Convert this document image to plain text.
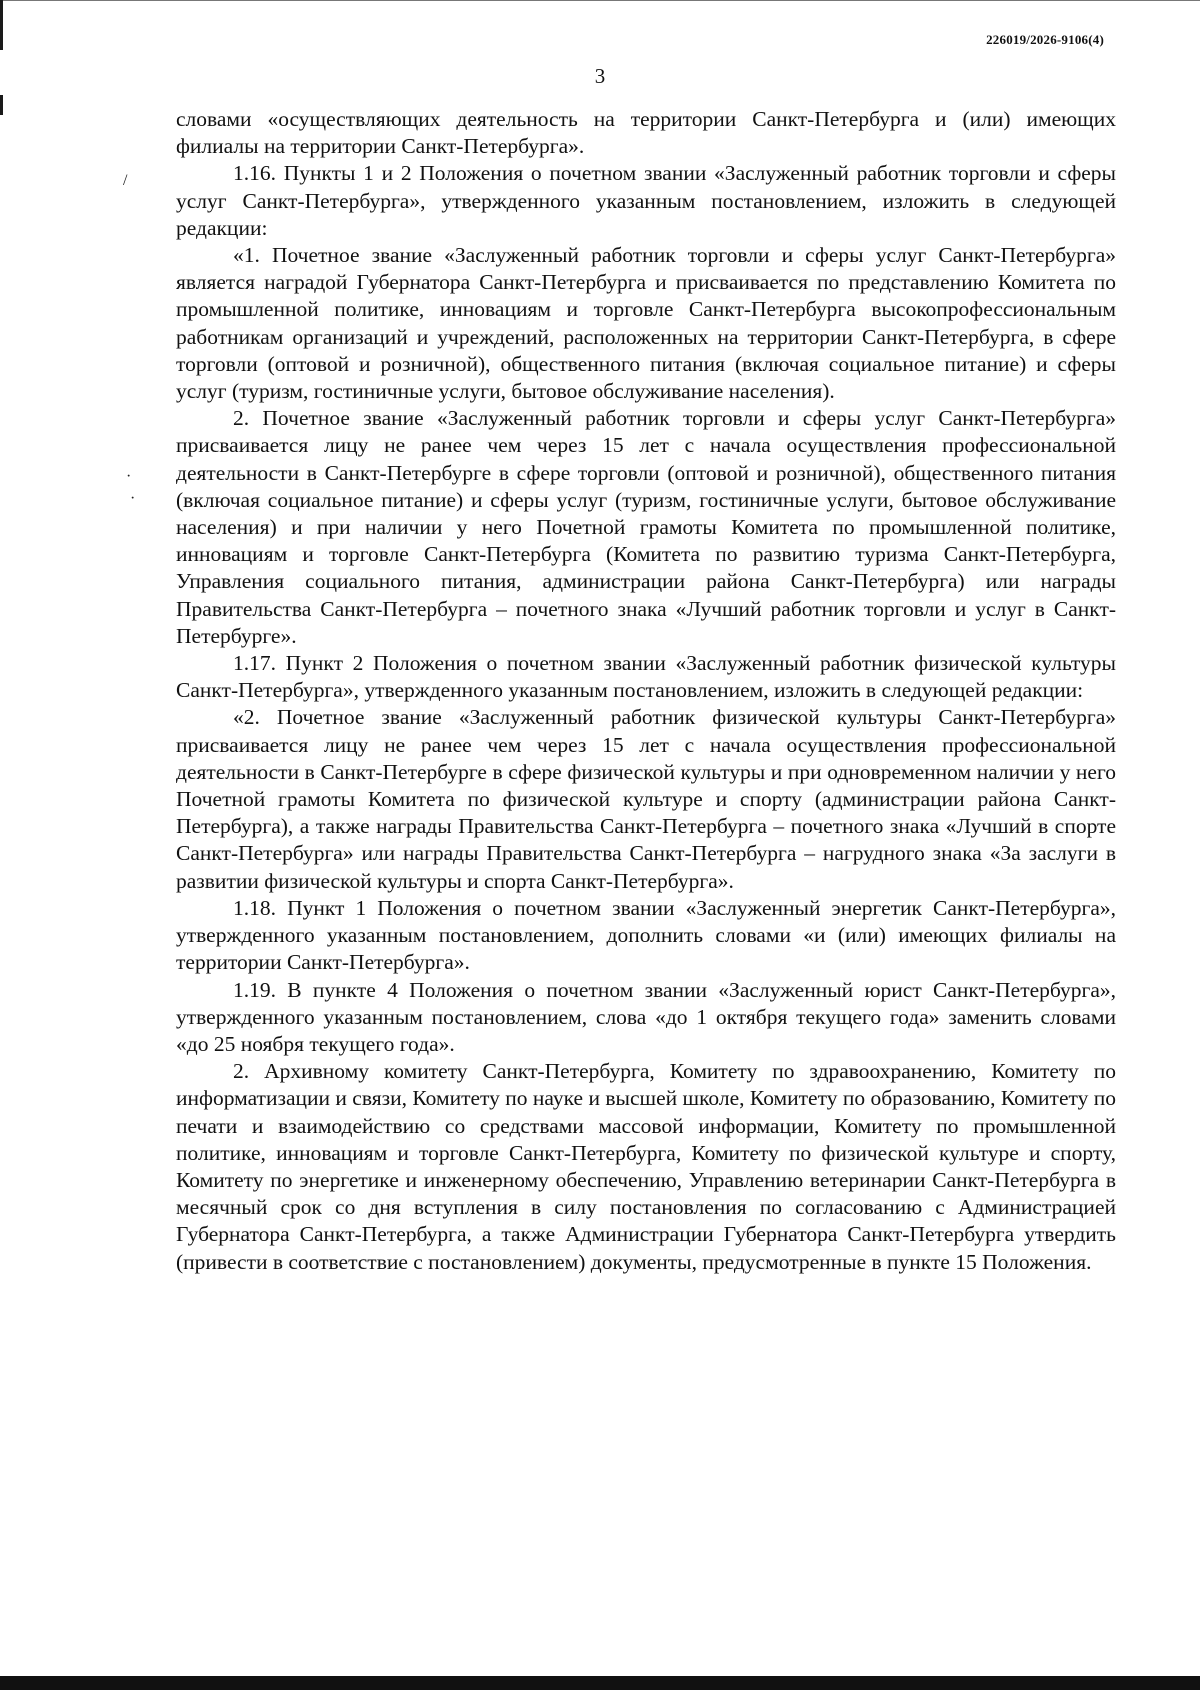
/
·
·
226019/2026-9106(4)
3

словами «осуществляющих деятельность на территории Санкт-Петербурга и (или) имеющих филиалы на территории Санкт-Петербурга».

1.16. Пункты 1 и 2 Положения о почетном звании «Заслуженный работник торговли и сферы услуг Санкт-Петербурга», утвержденного указанным постановлением, изложить в следующей редакции:

«1. Почетное звание «Заслуженный работник торговли и сферы услуг Санкт-Петербурга» является наградой Губернатора Санкт-Петербурга и присваивается по представлению Комитета по промышленной политике, инновациям и торговле Санкт-Петербурга высокопрофессиональным работникам организаций и учреждений, расположенных на территории Санкт-Петербурга, в сфере торговли (оптовой и розничной), общественного питания (включая социальное питание) и сферы услуг (туризм, гостиничные услуги, бытовое обслуживание населения).

2. Почетное звание «Заслуженный работник торговли и сферы услуг Санкт-Петербурга» присваивается лицу не ранее чем через 15 лет с начала осуществления профессиональной деятельности в Санкт-Петербурге в сфере торговли (оптовой и розничной), общественного питания (включая социальное питание) и сферы услуг (туризм, гостиничные услуги, бытовое обслуживание населения) и при наличии у него Почетной грамоты Комитета по промышленной политике, инновациям и торговле Санкт-Петербурга (Комитета по развитию туризма Санкт-Петербурга, Управления социального питания, администрации района Санкт-Петербурга) или награды Правительства Санкт-Петербурга – почетного знака «Лучший работник торговли и услуг в Санкт-Петербурге».

1.17. Пункт 2 Положения о почетном звании «Заслуженный работник физической культуры Санкт-Петербурга», утвержденного указанным постановлением, изложить в следующей редакции:

«2. Почетное звание «Заслуженный работник физической культуры Санкт-Петербурга» присваивается лицу не ранее чем через 15 лет с начала осуществления профессиональной деятельности в Санкт-Петербурге в сфере физической культуры и при одновременном наличии у него Почетной грамоты Комитета по физической культуре и спорту (администрации района Санкт-Петербурга), а также награды Правительства Санкт-Петербурга – почетного знака «Лучший в спорте Санкт-Петербурга» или награды Правительства Санкт-Петербурга – нагрудного знака «За заслуги в развитии физической культуры и спорта Санкт-Петербурга».

1.18. Пункт 1 Положения о почетном звании «Заслуженный энергетик Санкт-Петербурга», утвержденного указанным постановлением, дополнить словами «и (или) имеющих филиалы на территории Санкт-Петербурга».

1.19. В пункте 4 Положения о почетном звании «Заслуженный юрист Санкт-Петербурга», утвержденного указанным постановлением, слова «до 1 октября текущего года» заменить словами «до 25 ноября текущего года».

2. Архивному комитету Санкт-Петербурга, Комитету по здравоохранению, Комитету по информатизации и связи, Комитету по науке и высшей школе, Комитету по образованию, Комитету по печати и взаимодействию со средствами массовой информации, Комитету по промышленной политике, инновациям и торговле Санкт-Петербурга, Комитету по физической культуре и спорту, Комитету по энергетике и инженерному обеспечению, Управлению ветеринарии Санкт-Петербурга в месячный срок со дня вступления в силу постановления по согласованию с Администрацией Губернатора Санкт-Петербурга, а также Администрации Губернатора Санкт-Петербурга утвердить (привести в соответствие с постановлением) документы, предусмотренные в пункте 15 Положения.
